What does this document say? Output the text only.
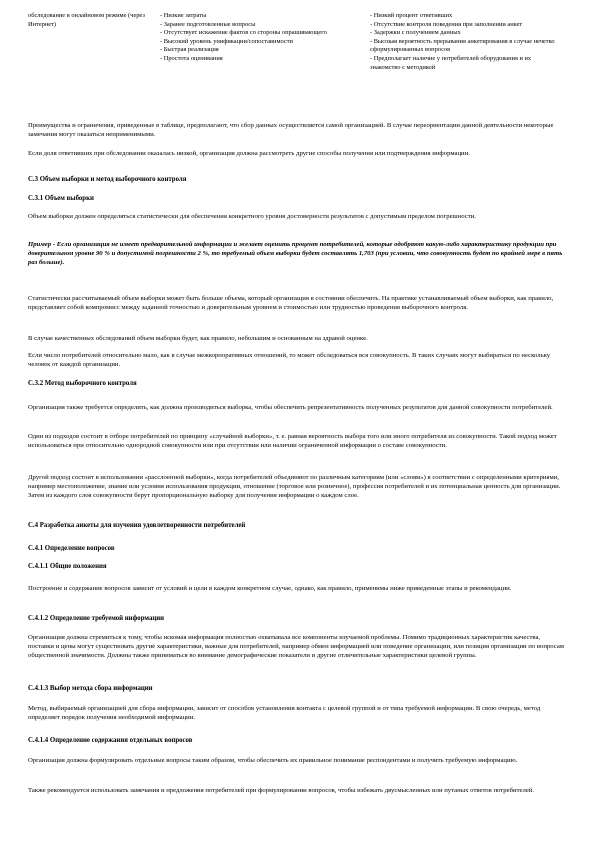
обследование в онлайновом режиме (через Интернет)
- Низкие затраты
- Заранее подготовленные вопросы
- Отсутствует искажение фактов со стороны опрашивающего
- Высокий уровень унификации/сопоставимости
- Быстрая реализация
- Простота оценивания
- Низкий процент ответивших
- Отсутствие контроля поведения при заполнении анкет
- Задержки с получением данных
- Высокая вероятность прерывания анкетирования в случае нечетко сформулированных вопросов
- Предполагает наличие у потребителей оборудования и их знакомство с методикой

Преимущества и ограничения, приведенные в таблице, предполагают, что сбор данных осуществляется самой организацией. В случае переориентации данной деятельности некоторые замечания могут оказаться неприменимыми.

Если доля ответивших при обследовании оказалась низкой, организация должна рассмотреть другие способы получения или подтверждения информации.

С.3 Объем выборки и метод выборочного контроля

С.3.1 Объем выборки

Объем выборки должен определяться статистически для обеспечения конкретного уровня достоверности результатов с допустимым пределом погрешности.

Пример - Если организация не имеет предварительной информации и желает оценить процент потребителей, которые одобряют какую-либо характеристику продукции при доверительном уровне 90 % и допустимой погрешности 2 %, то требуемый объем выборки будет составлять 1,703 (при условии, что совокупность будет по крайней мере в пять раз больше).

Статистически рассчитываемый объем выборки может быть больше объема, который организация в состоянии обеспечить. На практике устанавливаемый объем выборки, как правило, представляет собой компромисс между заданной точностью и доверительным уровнем и стоимостью или трудностью проведения выборочного контроля.

В случае качественных обследований объем выборки будет, как правило, небольшим и основанным на здравой оценке.

Если число потребителей относительно мало, как в случае межкорпоративных отношений, то может обследоваться вся совокупность. В таких случаях могут выбираться по нескольку человек от каждой организации.

С.3.2 Метод выборочного контроля

Организация также требуется определить, как должна производиться выборка, чтобы обеспечить репрезентативность полученных результатов для данной совокупности потребителей.

Один из подходов состоит в отборе потребителей по принципу «случайной выборки», т. е. равная вероятность выбора того или иного потребителя из совокупности. Такой подход может использоваться при относительно однородной совокупности или при отсутствии или наличии ограниченной информации о составе совокупности.

Другой подход состоит в использовании «расслоенной выборки», когда потребителей объединяют по различным категориям (или «слоям») в соответствии с определенными критериями, например местоположение, знание или условия использования продукции, отношение (торговое или розничное), профессия потребителей и их потенциальная ценность для организации. Затем из каждого слоя совокупности берут пропорциональную выборку для получения информации о каждом слое.

С.4 Разработка анкеты для изучения удовлетворенности потребителей

С.4.1 Определение вопросов

С.4.1.1 Общие положения

Построение и содержание вопросов зависит от условий и цели в каждом конкретном случае, однако, как правило, применимы ниже приведенные этапы и рекомендации.

С.4.1.2 Определение требуемой информации

Организация должна стремиться к тому, чтобы искомая информация полностью охватывала все компоненты изучаемой проблемы. Помимо традиционных характеристик качества, поставки и цены могут существовать другие характеристики, важные для потребителей, например обмен информацией или поведение организации, или позиция организации по вопросам общественной значимости. Должны также приниматься во внимание демографические показатели и другие отличительные характеристики целевой группы.

С.4.1.3 Выбор метода сбора информации

Метод, выбираемый организацией для сбора информации, зависит от способов установления контакта с целевой группой и от типа требуемой информации. В свою очередь, метод определяет порядок получения необходимой информации.

С.4.1.4 Определение содержания отдельных вопросов

Организация должна формулировать отдельные вопросы таким образом, чтобы обеспечить их правильное понимание респондентами и получить требуемую информацию.

Также рекомендуется использовать замечания и предложения потребителей при формулировании вопросов, чтобы избежать двусмысленных или путаных ответов потребителей.
